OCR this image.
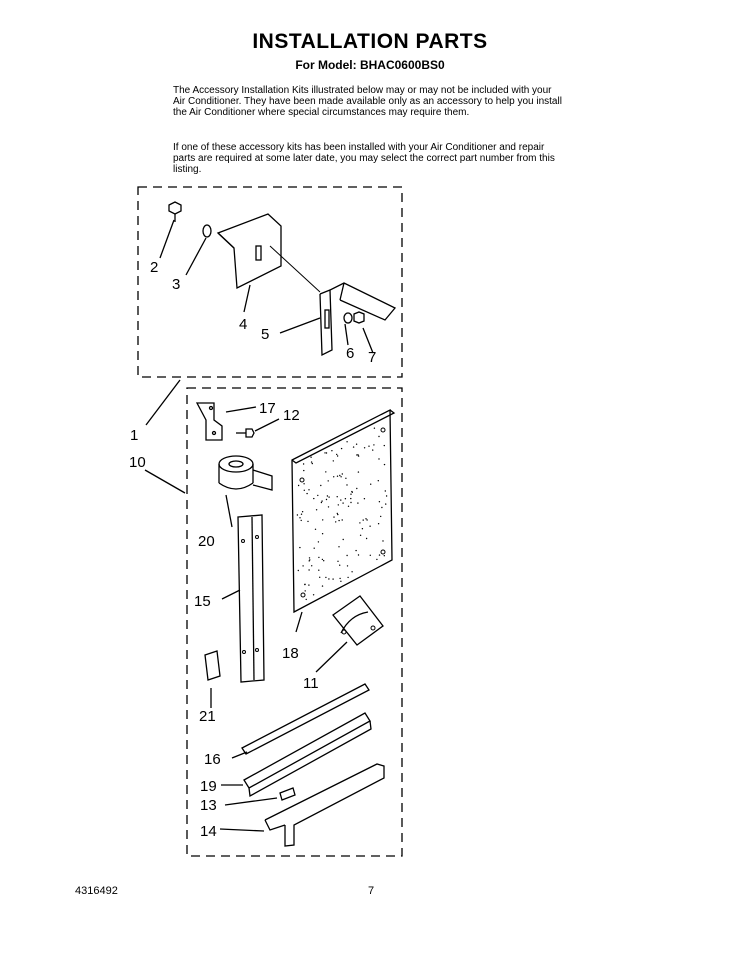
INSTALLATION PARTS
For Model: BHAC0600BS0
The Accessory Installation Kits illustrated below may or may not be included with your Air Conditioner. They have been made available only as an accessory to help you install the Air Conditioner where special circumstances may require them.
If one of these accessory kits has been installed with your Air Conditioner and repair parts are required at some later date, you may select the correct part number from this listing.
2
3
4
5
6 7
1
10
17 12
20
15
18
11
21
16
19
13
14
4316492	7
